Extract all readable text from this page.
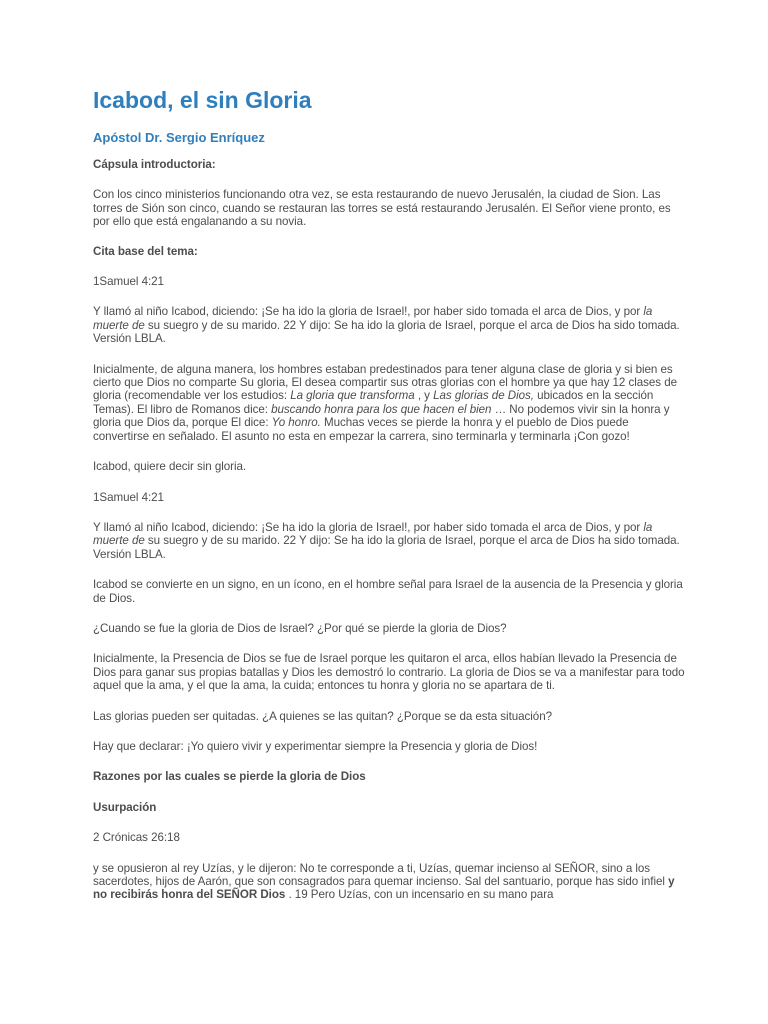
Icabod, el sin Gloria
Apóstol Dr. Sergio Enríquez

Cápsula introductoria:

Con los cinco ministerios funcionando otra vez, se esta restaurando de nuevo Jerusalén, la ciudad de Sion. Las torres de Sión son cinco, cuando se restauran las torres se está restaurando Jerusalén. El Señor viene pronto, es por ello que está engalanando a su novia.

Cita base del tema:

1Samuel 4:21

Y llamó al niño Icabod, diciendo: ¡Se ha ido la gloria de Israel!, por haber sido tomada el arca de Dios, y por la muerte de su suegro y de su marido. 22 Y dijo: Se ha ido la gloria de Israel, porque el arca de Dios ha sido tomada. Versión LBLA.

Inicialmente, de alguna manera, los hombres estaban predestinados para tener alguna clase de gloria y si bien es cierto que Dios no comparte Su gloria, El desea compartir sus otras glorias con el hombre ya que hay 12 clases de gloria (recomendable ver los estudios: La gloria que transforma , y Las glorias de Dios, ubicados en la sección Temas). El libro de Romanos dice: buscando honra para los que hacen el bien … No podemos vivir sin la honra y gloria que Dios da, porque El dice: Yo honro. Muchas veces se pierde la honra y el pueblo de Dios puede convertirse en señalado. El asunto no esta en empezar la carrera, sino terminarla y terminarla ¡Con gozo!

Icabod, quiere decir sin gloria.

1Samuel 4:21

Y llamó al niño Icabod, diciendo: ¡Se ha ido la gloria de Israel!, por haber sido tomada el arca de Dios, y por la muerte de su suegro y de su marido. 22 Y dijo: Se ha ido la gloria de Israel, porque el arca de Dios ha sido tomada. Versión LBLA.

Icabod se convierte en un signo, en un ícono, en el hombre señal para Israel de la ausencia de la Presencia y gloria de Dios.

¿Cuando se fue la gloria de Dios de Israel? ¿Por qué se pierde la gloria de Dios?

Inicialmente, la Presencia de Dios se fue de Israel porque les quitaron el arca, ellos habían llevado la Presencia de Dios para ganar sus propias batallas y Dios les demostró lo contrario. La gloria de Dios se va a manifestar para todo aquel que la ama, y el que la ama, la cuida; entonces tu honra y gloria no se apartara de ti.

Las glorias pueden ser quitadas. ¿A quienes se las quitan? ¿Porque se da esta situación?

Hay que declarar: ¡Yo quiero vivir y experimentar siempre la Presencia y gloria de Dios!

Razones por las cuales se pierde la gloria de Dios

Usurpación

2 Crónicas 26:18

y se opusieron al rey Uzías, y le dijeron: No te corresponde a ti, Uzías, quemar incienso al SEÑOR, sino a los sacerdotes, hijos de Aarón, que son consagrados para quemar incienso. Sal del santuario, porque has sido infiel y no recibirás honra del SEÑOR Dios . 19 Pero Uzías, con un incensario en su mano para
